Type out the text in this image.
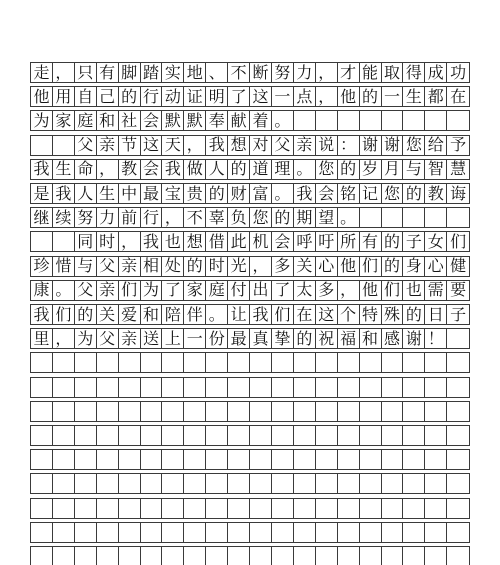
走 ， 只 有 脚 踏 实 地 、 不 断 努 力 ， 才 能 取 得 成 功
他 用 自 己 的 行 动 证 明 了 这 一 点 ， 他 的 一 生 都 在
为 家 庭 和 社 会 默 默 奉 献 着 。
父 亲 节 这 天 ， 我 想 对 父 亲 说 ： 谢 谢 您 给 予
我 生 命 ， 教 会 我 做 人 的 道 理 。 您 的 岁 月 与 智 慧
是 我 人 生 中 最 宝 贵 的 财 富 。 我 会 铭 记 您 的 教 诲
继 续 努 力 前 行 ， 不 辜 负 您 的 期 望 。
同 时 ， 我 也 想 借 此 机 会 呼 吁 所 有 的 子 女 们
珍 惜 与 父 亲 相 处 的 时 光 ， 多 关 心 他 们 的 身 心 健
康 。 父 亲 们 为 了 家 庭 付 出 了 太 多 ， 他 们 也 需 要
我 们 的 关 爱 和 陪 伴 。 让 我 们 在 这 个 特 殊 的 日 子
里 ， 为 父 亲 送 上 一 份 最 真 挚 的 祝 福 和 感 谢 ！
